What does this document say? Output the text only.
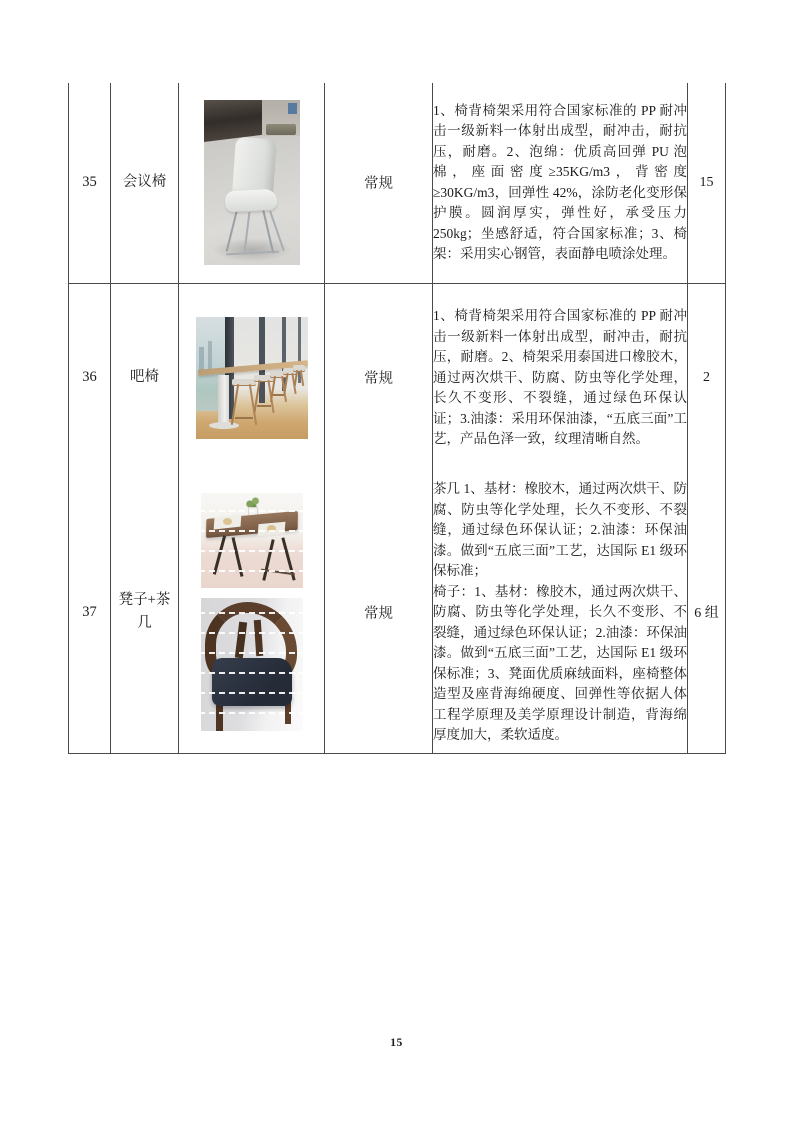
35	会议椅		常规	1、椅背椅架采用符合国家标准的 PP 耐冲击一级新料一体射出成型，耐冲击，耐抗压，耐磨。2、泡绵：优质高回弹 PU 泡棉，座面密度≥35KG/m3，背密度≥30KG/m3，回弹性 42%，涂防老化变形保护膜。圆润厚实，弹性好，承受压力 250kg；坐感舒适，符合国家标准；3、椅架：采用实心钢管，表面静电喷涂处理。	15
36	吧椅		常规	1、椅背椅架采用符合国家标准的 PP 耐冲击一级新料一体射出成型，耐冲击，耐抗压，耐磨。2、椅架采用泰国进口橡胶木，通过两次烘干、防腐、防虫等化学处理，长久不变形、不裂缝，通过绿色环保认证；3.油漆：采用环保油漆，“五底三面”工艺，产品色泽一致，纹理清晰自然。	2
37	凳子+茶几		常规	茶几 1、基材：橡胶木，通过两次烘干、防腐、防虫等化学处理，长久不变形、不裂缝，通过绿色环保认证；2.油漆：环保油漆。做到“五底三面”工艺，达国际 E1 级环保标准；

椅子：1、基材：橡胶木，通过两次烘干、防腐、防虫等化学处理，长久不变形、不裂缝，通过绿色环保认证；2.油漆：环保油漆。做到“五底三面”工艺，达国际 E1 级环保标准；3、凳面优质麻绒面料，座椅整体造型及座背海绵硬度、回弹性等依据人体工程学原理及美学原理设计制造，背海绵厚度加大，柔软适度。	6 组
15
